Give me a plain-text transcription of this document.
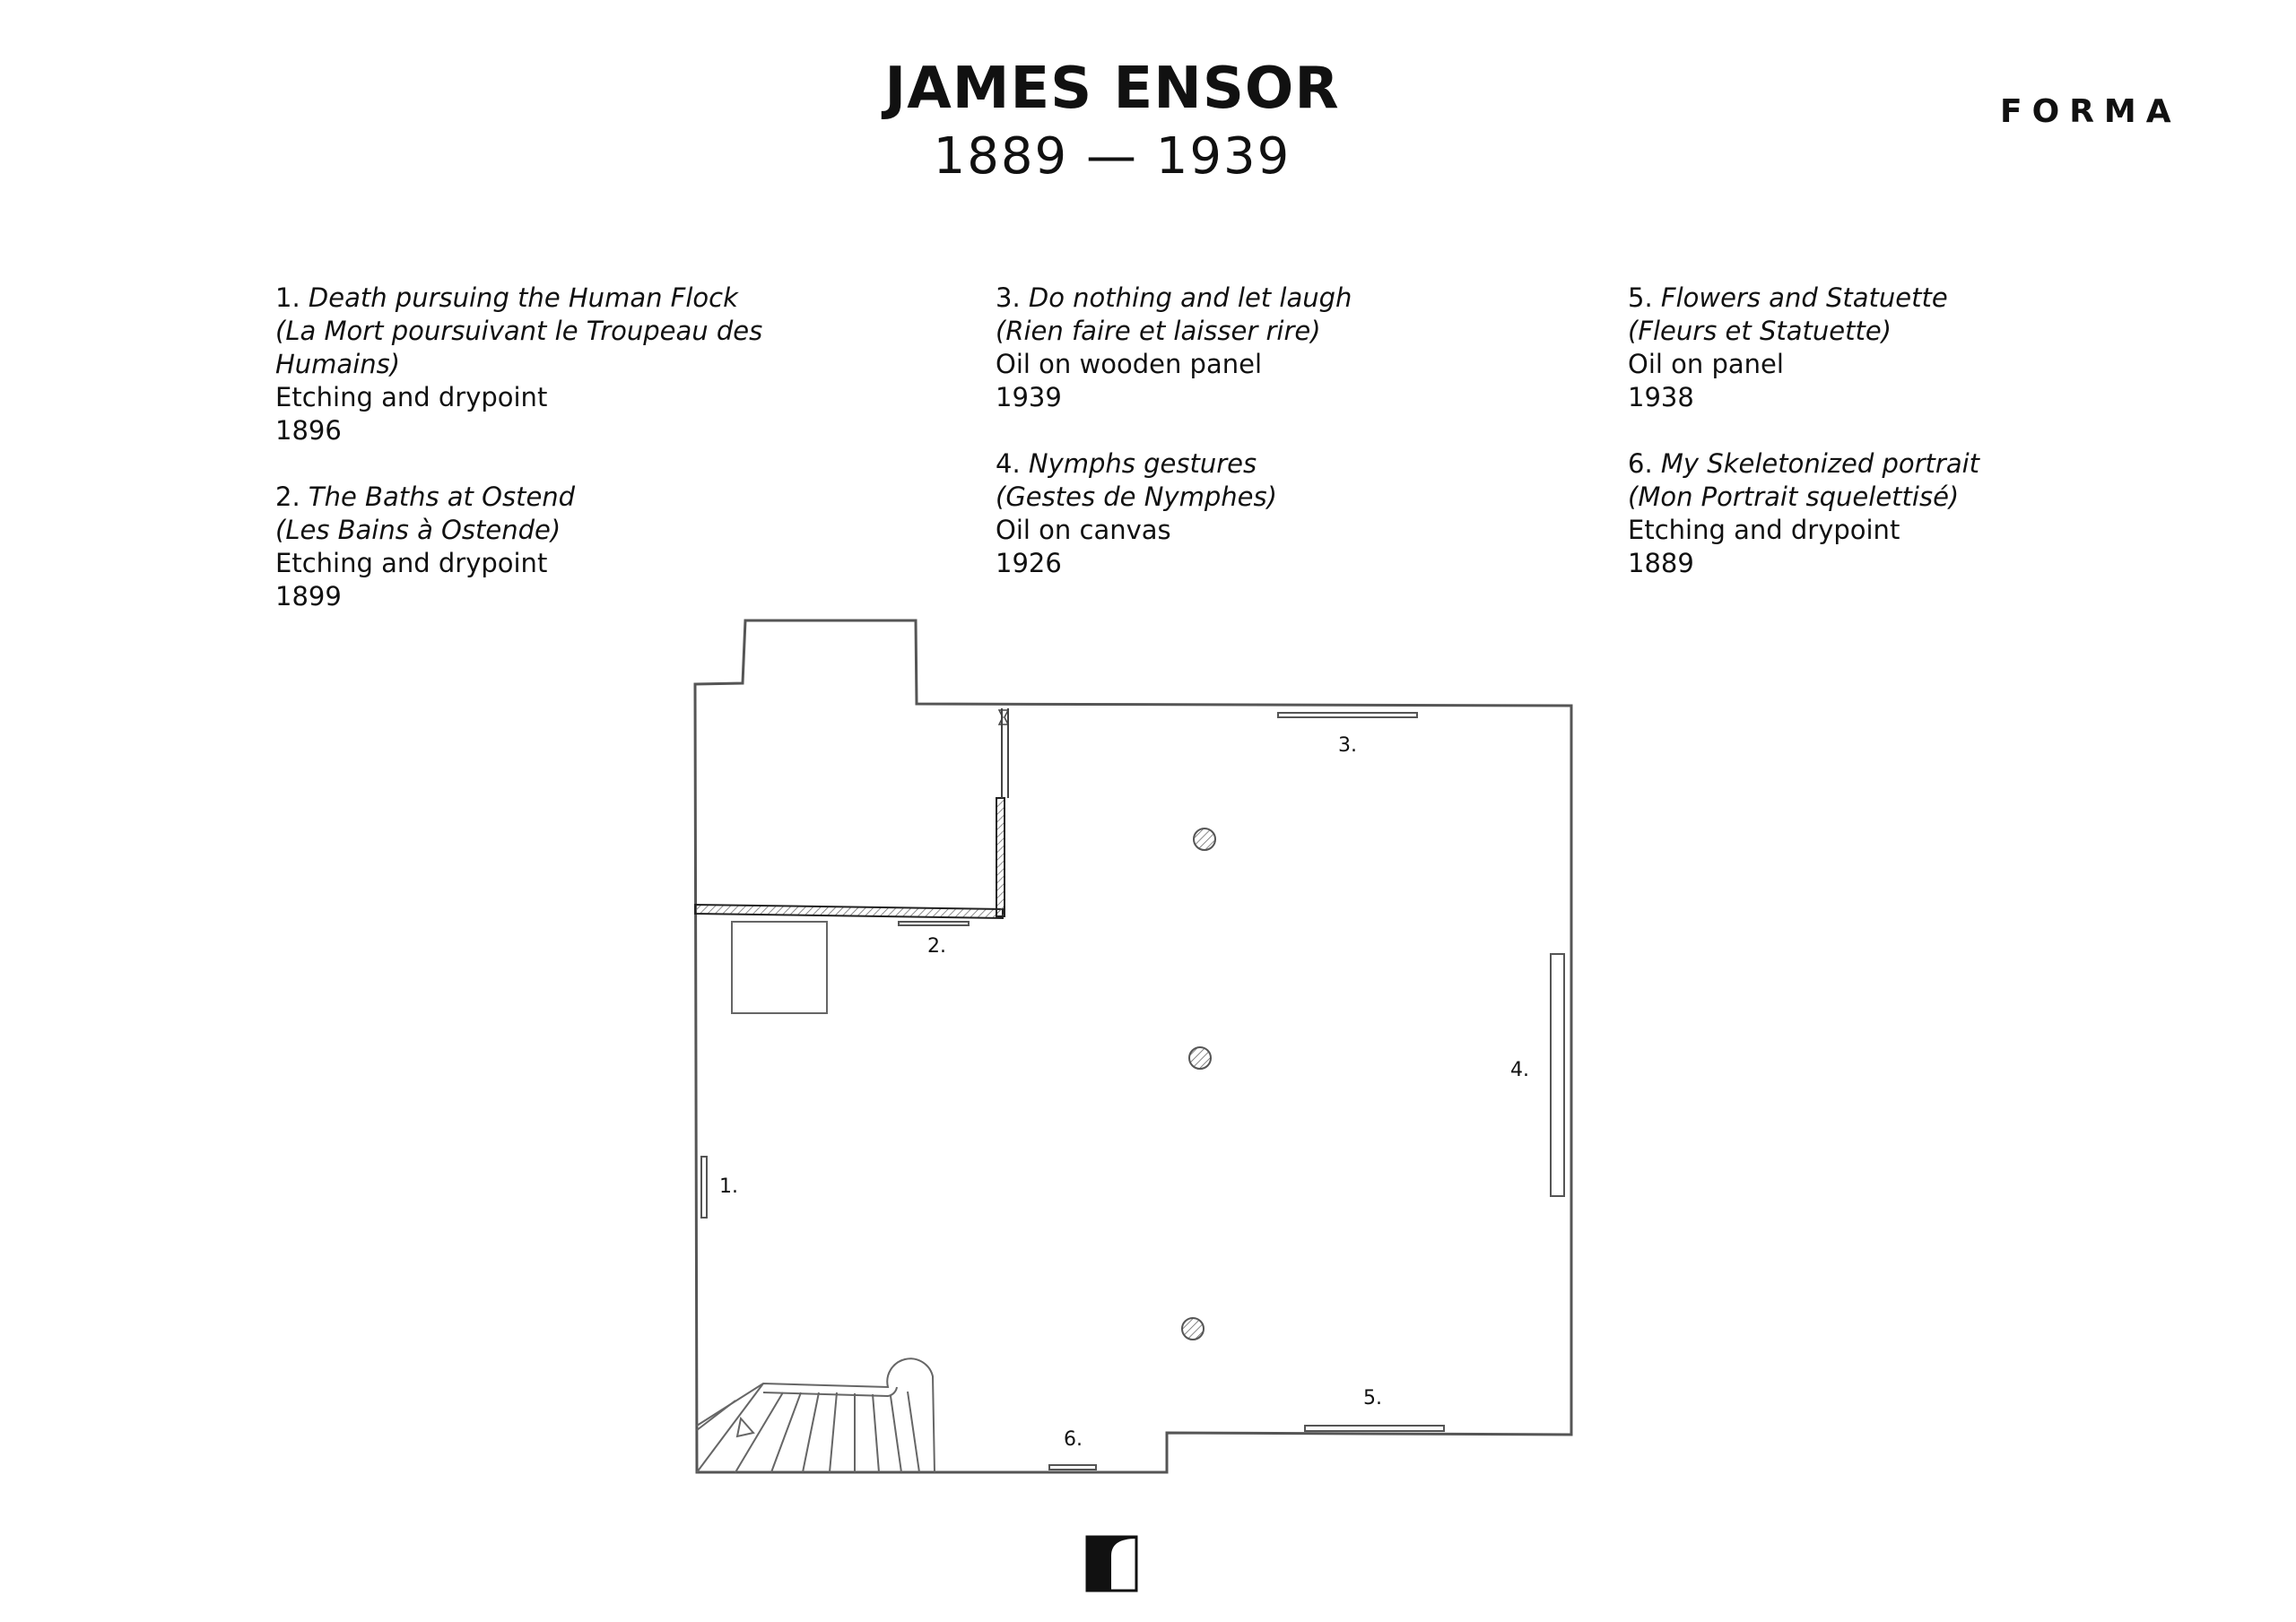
JAMES ENSOR
1889 — 1939
FORMA
1. Death pursuing the Human Flock
(La Mort poursuivant le Troupeau des Humains)
Etching and drypoint
1896
2. The Baths at Ostend
(Les Bains à Ostende)
Etching and drypoint
1899
3. Do nothing and let laugh
(Rien faire et laisser rire)
Oil on wooden panel
1939
4. Nymphs gestures
(Gestes de Nymphes)
Oil on canvas
1926
5. Flowers and Statuette
(Fleurs et Statuette)
Oil on panel
1938
6. My Skeletonized portrait
(Mon Portrait squelettisé)
Etching and drypoint
1889
1.
2.
3.
4.
5.
6.
